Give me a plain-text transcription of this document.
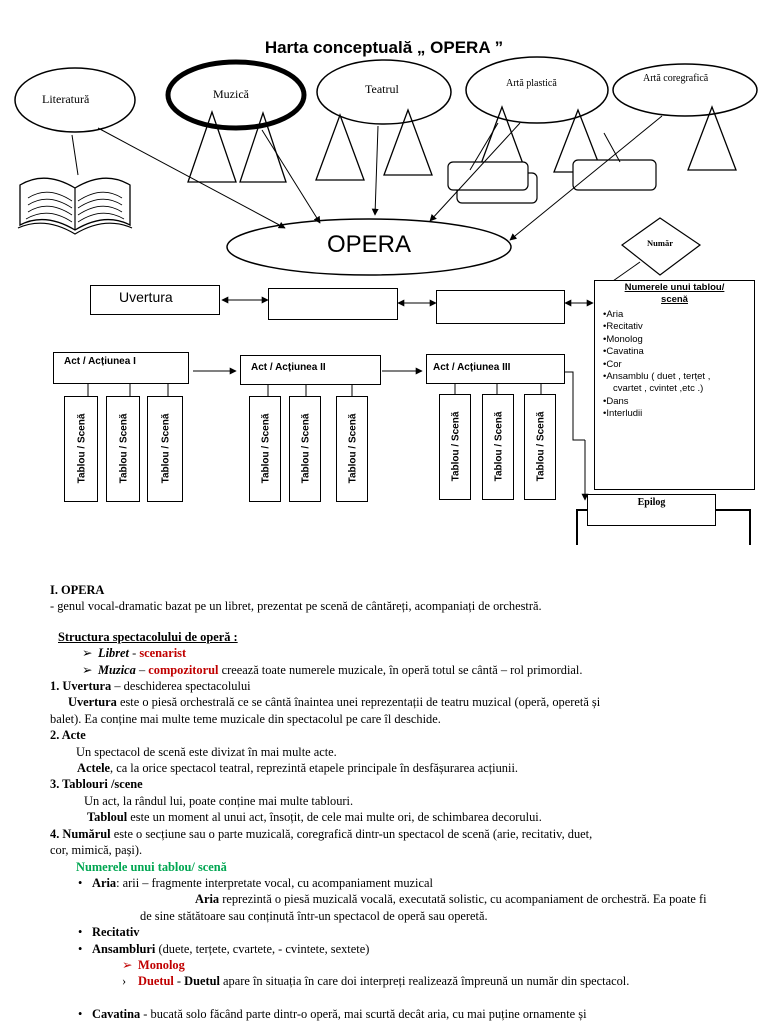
Harta conceptuală „ OPERA ”
Literatură	Muzică	Teatrul	Artă plastică	Artă coregrafică
OPERA	Număr
Uvertura
Act / Acțiunea I
Act / Acțiunea II	Act / Acțiunea III
Tablou / Scenă	Tablou / Scenă	Tablou / Scenă	Tablou / Scenă	Tablou / Scenă	Tablou / Scenă	Tablou / Scenă	Tablou / Scenă	Tablou / Scenă
Numerele unui tablou/
scenă
•Aria
•Recitativ
•Monolog
•Cavatina
•Cor
•Ansamblu ( duet , terțet ,
cvartet , cvintet ,etc .)
•Dans
•Interludii
Epilog

I. OPERA

- genul vocal-dramatic bazat pe un libret, prezentat pe scenă de cântăreți, acompaniați de orchestră.

Structura spectacolului de operă :

➢ Libret - scenarist

➢ Muzica – compozitorul creează toate numerele muzicale, în operă totul se cântă – rol primordial.

1. Uvertura – deschiderea spectacolului

Uvertura este o piesă orchestrală ce se cântă înaintea unei reprezentații de teatru muzical (operă, operetă și

balet). Ea conține mai multe teme muzicale din spectacolul pe care îl deschide.

2. Acte

Un spectacol de scenă este divizat în mai multe acte.

Actele, ca la orice spectacol teatral, reprezintă etapele principale în desfășurarea acțiunii.

3. Tablouri /scene

Un act, la rândul lui, poate conține mai multe tablouri.

Tabloul este un moment al unui act, însoțit, de cele mai multe ori, de schimbarea decorului.

4. Numărul este o secțiune sau o parte muzicală, coregrafică dintr-un spectacol de scenă (arie, recitativ, duet,

cor, mimică, pași).

Numerele unui tablou/ scenă

• Aria: arii – fragmente interpretate vocal, cu acompaniament muzical

Aria reprezintă o piesă muzicală vocală, executată solistic, cu acompaniament de orchestră. Ea poate fi

de sine stătătoare sau conținută într-un spectacol de operă sau operetă.

• Recitativ
• Ansambluri (duete, terțete, cvartete, - cvintete, sextete)

➢ Monolog

› Duetul - Duetul apare în situația în care doi interpreți realizează împreună un număr din spectacol.

• Cavatina - bucată solo făcând parte dintr-o operă, mai scurtă decât aria, cu mai puține ornamente și
